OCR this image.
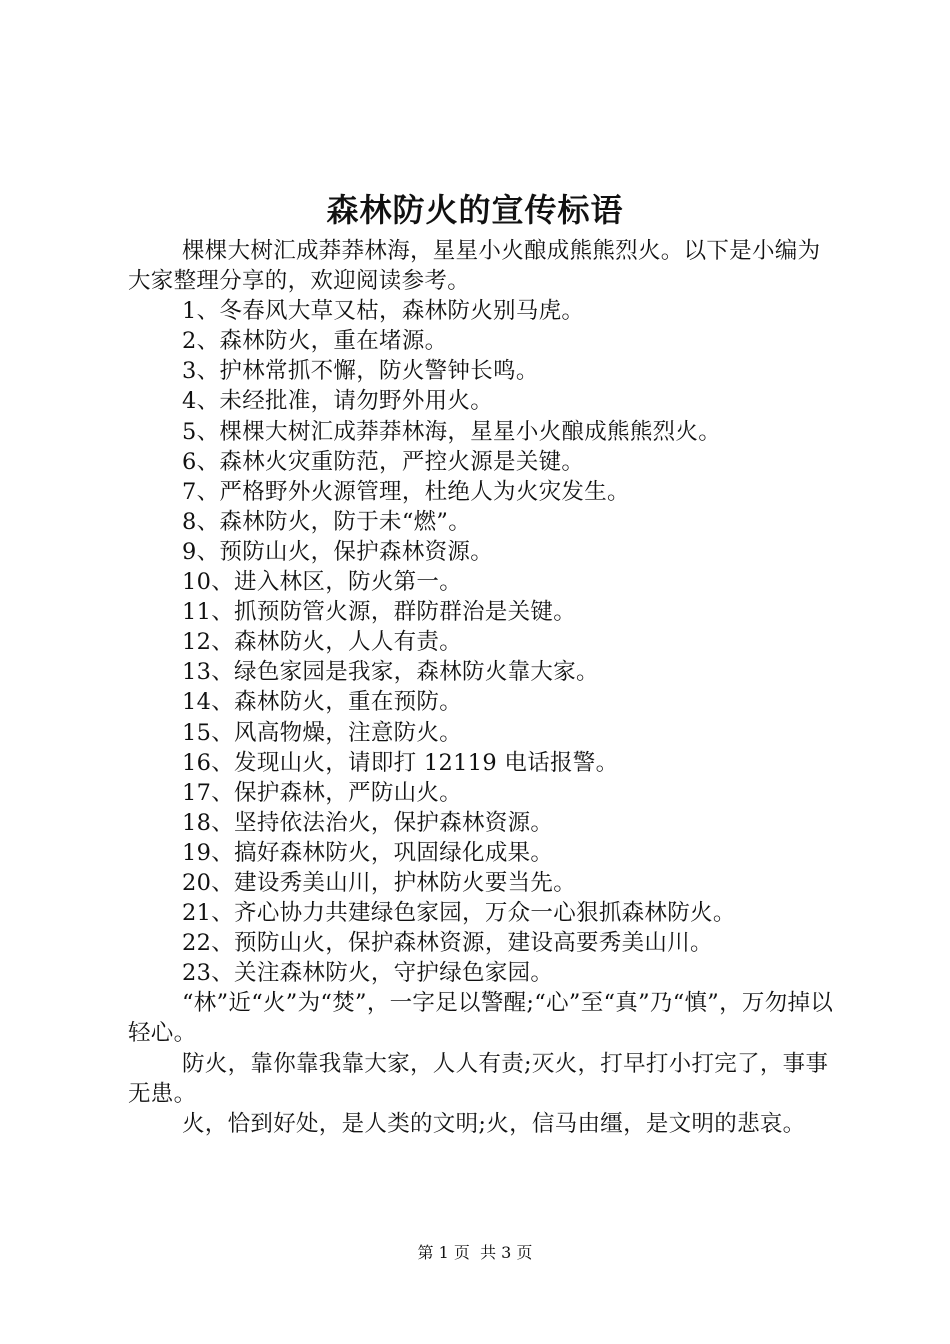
森林防火的宣传标语

棵棵大树汇成莽莽林海，星星小火酿成熊熊烈火。以下是小编为大家整理分享的，欢迎阅读参考。

1、冬春风大草又枯，森林防火别马虎。

2、森林防火，重在堵源。

3、护林常抓不懈，防火警钟长鸣。

4、未经批准，请勿野外用火。

5、棵棵大树汇成莽莽林海，星星小火酿成熊熊烈火。

6、森林火灾重防范，严控火源是关键。

7、严格野外火源管理，杜绝人为火灾发生。

8、森林防火，防于未“燃”。

9、预防山火，保护森林资源。

10、进入林区，防火第一。

11、抓预防管火源，群防群治是关键。

12、森林防火，人人有责。

13、绿色家园是我家，森林防火靠大家。

14、森林防火，重在预防。

15、风高物燥，注意防火。

16、发现山火，请即打 12119 电话报警。

17、保护森林，严防山火。

18、坚持依法治火，保护森林资源。

19、搞好森林防火，巩固绿化成果。

20、建设秀美山川，护林防火要当先。

21、齐心协力共建绿色家园，万众一心狠抓森林防火。

22、预防山火，保护森林资源，建设高要秀美山川。

23、关注森林防火，守护绿色家园。

“林”近“火”为“焚”，一字足以警醒;“心”至“真”乃“慎”，万勿掉以轻心。

防火，靠你靠我靠大家，人人有责;灭火，打早打小打完了，事事无患。

火，恰到好处，是人类的文明;火，信马由缰，是文明的悲哀。

第 1 页  共 3 页
